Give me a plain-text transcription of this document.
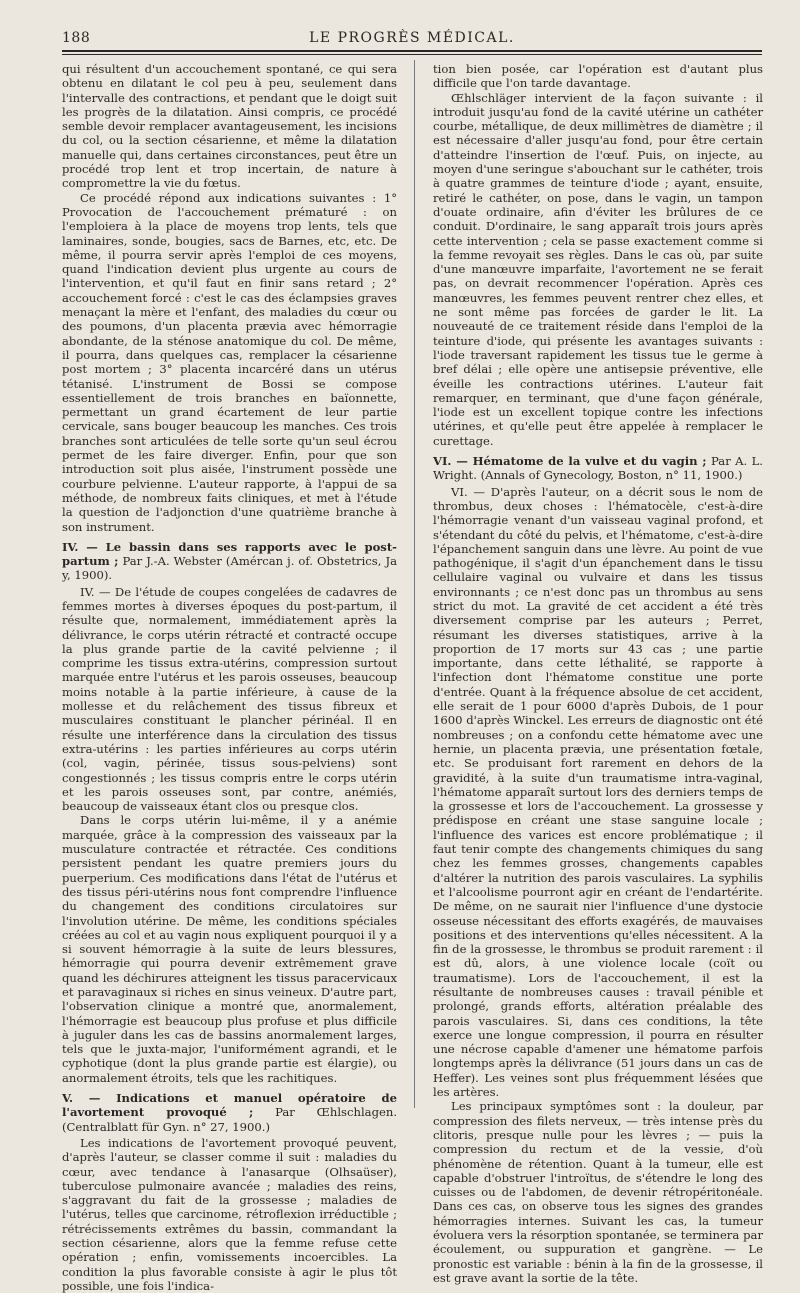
188	LE PROGRÈS MÉDICAL.

qui résultent d'un accouchement spontané, ce qui sera obtenu en dilatant le col peu à peu, seulement dans l'intervalle des contractions, et pendant que le doigt suit les progrès de la dilatation. Ainsi compris, ce procédé semble devoir remplacer avantageusement, les incisions du col, ou la section césarienne, et même la dilatation manuelle qui, dans certaines circonstances, peut être un procédé trop lent et trop incertain, de nature à compromettre la vie du fœtus.

Ce procédé répond aux indications suivantes : 1° Provocation de l'accouchement prématuré : on l'emploiera à la place de moyens trop lents, tels que laminaires, sonde, bougies, sacs de Barnes, etc, etc. De même, il pourra servir après l'emploi de ces moyens, quand l'indication devient plus urgente au cours de l'intervention, et qu'il faut en finir sans retard ; 2° accouchement forcé : c'est le cas des éclampsies graves menaçant la mère et l'enfant, des maladies du cœur ou des poumons, d'un placenta prævia avec hémorragie abondante, de la sténose anatomique du col. De même, il pourra, dans quelques cas, remplacer la césarienne post mortem ; 3° placenta incarcéré dans un utérus tétanisé. L'instrument de Bossi se compose essentiellement de trois branches en baïonnette, permettant un grand écartement de leur partie cervicale, sans bouger beaucoup les manches. Ces trois branches sont articulées de telle sorte qu'un seul écrou permet de les faire diverger. Enfin, pour que son introduction soit plus aisée, l'instrument possède une courbure pelvienne. L'auteur rapporte, à l'appui de sa méthode, de nombreux faits cliniques, et met à l'étude la question de l'adjonction d'une quatrième branche à son instrument.

IV. — Le bassin dans ses rapports avec le post-partum ; Par J.-A. Webster (Amércan j. of. Obstetrics, Ja y, 1900).

IV. — De l'étude de coupes congelées de cadavres de femmes mortes à diverses époques du post-partum, il résulte que, normalement, immédiatement après la délivrance, le corps utérin rétracté et contracté occupe la plus grande partie de la cavité pelvienne ; il comprime les tissus extra-utérins, compression surtout marquée entre l'utérus et les parois osseuses, beaucoup moins notable à la partie inférieure, à cause de la mollesse et du relâchement des tissus fibreux et musculaires constituant le plancher périnéal. Il en résulte une interférence dans la circulation des tissus extra-utérins : les parties inférieures au corps utérin (col, vagin, périnée, tissus sous-pelviens) sont congestionnés ; les tissus compris entre le corps utérin et les parois osseuses sont, par contre, anémiés, beaucoup de vaisseaux étant clos ou presque clos.

Dans le corps utérin lui-même, il y a anémie marquée, grâce à la compression des vaisseaux par la musculature contractée et rétractée. Ces conditions persistent pendant les quatre premiers jours du puerperium. Ces modifications dans l'état de l'utérus et des tissus péri-utérins nous font comprendre l'influence du changement des conditions circulatoires sur l'involution utérine. De même, les conditions spéciales créées au col et au vagin nous expliquent pourquoi il y a si souvent hémorragie à la suite de leurs blessures, hémorragie qui pourra devenir extrêmement grave quand les déchirures atteignent les tissus paracervicaux et paravaginaux si riches en sinus veineux. D'autre part, l'observation clinique a montré que, anormalement, l'hémorragie est beaucoup plus profuse et plus difficile à juguler dans les cas de bassins anormalement larges, tels que le juxta-major, l'uniformément agrandi, et le cyphotique (dont la plus grande partie est élargie), ou anormalement étroits, tels que les rachitiques.

V. — Indications et manuel opératoire de l'avortement provoqué ; Par Œhlschlagen. (Centralblatt für Gyn. n° 27, 1900.)

Les indications de l'avortement provoqué peuvent, d'après l'auteur, se classer comme il suit : maladies du cœur, avec tendance à l'anasarque (Olhsaüser), tuberculose pulmonaire avancée ; maladies des reins, s'aggravant du fait de la grossesse ; maladies de l'utérus, telles que carcinome, rétroflexion irréductible ; rétrécissements extrêmes du bassin, commandant la section césarienne, alors que la femme refuse cette opération ; enfin, vomissements incoercibles. La condition la plus favorable consiste à agir le plus tôt possible, une fois l'indica-

tion bien posée, car l'opération est d'autant plus difficile que l'on tarde davantage.

Œhlschläger intervient de la façon suivante : il introduit jusqu'au fond de la cavité utérine un cathéter courbe, métallique, de deux millimètres de diamètre ; il est nécessaire d'aller jusqu'au fond, pour être certain d'atteindre l'insertion de l'œuf. Puis, on injecte, au moyen d'une seringue s'abouchant sur le cathéter, trois à quatre grammes de teinture d'iode ; ayant, ensuite, retiré le cathéter, on pose, dans le vagin, un tampon d'ouate ordinaire, afin d'éviter les brûlures de ce conduit. D'ordinaire, le sang apparaît trois jours après cette intervention ; cela se passe exactement comme si la femme revoyait ses règles. Dans le cas où, par suite d'une manœuvre imparfaite, l'avortement ne se ferait pas, on devrait recommencer l'opération. Après ces manœuvres, les femmes peuvent rentrer chez elles, et ne sont même pas forcées de garder le lit. La nouveauté de ce traitement réside dans l'emploi de la teinture d'iode, qui présente les avantages suivants : l'iode traversant rapidement les tissus tue le germe à bref délai ; elle opère une antisepsie préventive, elle éveille les contractions utérines. L'auteur fait remarquer, en terminant, que d'une façon générale, l'iode est un excellent topique contre les infections utérines, et qu'elle peut être appelée à remplacer le curettage.

VI. — Hématome de la vulve et du vagin ; Par A. L. Wright. (Annals of Gynecology, Boston, n° 11, 1900.)

VI. — D'après l'auteur, on a décrit sous le nom de thrombus, deux choses : l'hématocèle, c'est-à-dire l'hémorragie venant d'un vaisseau vaginal profond, et s'étendant du côté du pelvis, et l'hématome, c'est-à-dire l'épanchement sanguin dans une lèvre. Au point de vue pathogénique, il s'agit d'un épanchement dans le tissu cellulaire vaginal ou vulvaire et dans les tissus environnants ; ce n'est donc pas un thrombus au sens strict du mot. La gravité de cet accident a été très diversement comprise par les auteurs ; Perret, résumant les diverses statistiques, arrive à la proportion de 17 morts sur 43 cas ; une partie importante, dans cette léthalité, se rapporte à l'infection dont l'hématome constitue une porte d'entrée. Quant à la fréquence absolue de cet accident, elle serait de 1 pour 6000 d'après Dubois, de 1 pour 1600 d'après Winckel. Les erreurs de diagnostic ont été nombreuses ; on a confondu cette hématome avec une hernie, un placenta prævia, une présentation fœtale, etc. Se produisant fort rarement en dehors de la gravidité, à la suite d'un traumatisme intra-vaginal, l'hématome apparaît surtout lors des derniers temps de la grossesse et lors de l'accouchement. La grossesse y prédispose en créant une stase sanguine locale ; l'influence des varices est encore problématique ; il faut tenir compte des changements chimiques du sang chez les femmes grosses, changements capables d'altérer la nutrition des parois vasculaires. La syphilis et l'alcoolisme pourront agir en créant de l'endartérite. De même, on ne saurait nier l'influence d'une dystocie osseuse nécessitant des efforts exagérés, de mauvaises positions et des interventions qu'elles nécessitent. A la fin de la grossesse, le thrombus se produit rarement : il est dû, alors, à une violence locale (coït ou traumatisme). Lors de l'accouchement, il est la résultante de nombreuses causes : travail pénible et prolongé, grands efforts, altération préalable des parois vasculaires. Si, dans ces conditions, la tête exerce une longue compression, il pourra en résulter une nécrose capable d'amener une hématome parfois longtemps après la délivrance (51 jours dans un cas de Heffer). Les veines sont plus fréquemment lésées que les artères.

Les principaux symptômes sont : la douleur, par compression des filets nerveux, — très intense près du clitoris, presque nulle pour les lèvres ; — puis la compression du rectum et de la vessie, d'où phénomène de rétention. Quant à la tumeur, elle est capable d'obstruer l'introïtus, de s'étendre le long des cuisses ou de l'abdomen, de devenir rétropéritonéale. Dans ces cas, on observe tous les signes des grandes hémorragies internes. Suivant les cas, la tumeur évoluera vers la résorption spontanée, se terminera par écoulement, ou suppuration et gangrène. — Le pronostic est variable : bénin à la fin de la grossesse, il est grave avant la sortie de la tête.
